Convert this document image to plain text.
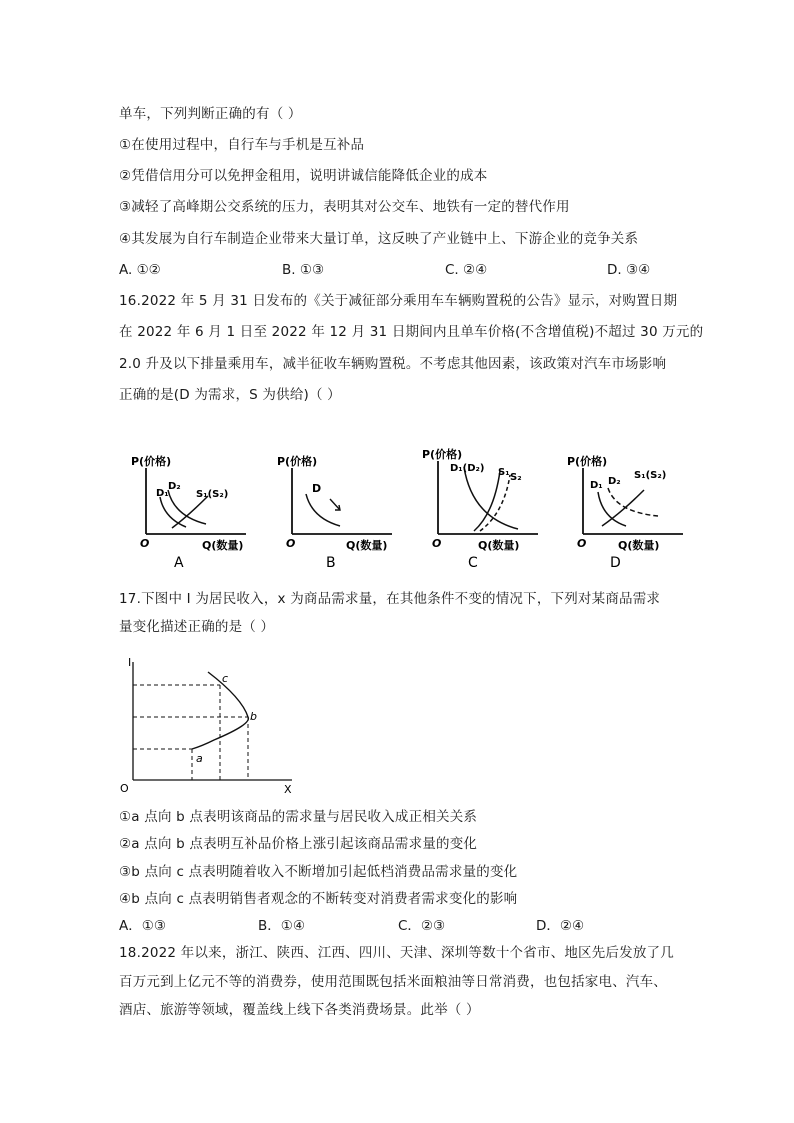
单车，下列判断正确的有（ ）
①在使用过程中，自行车与手机是互补品
②凭借信用分可以免押金租用，说明讲诚信能降低企业的成本
③减轻了高峰期公交系统的压力，表明其对公交车、地铁有一定的替代作用
④其发展为自行车制造企业带来大量订单，这反映了产业链中上、下游企业的竞争关系
A. ①②	B. ①③	C. ②④	D. ③④
16.2022 年 5 月 31 日发布的《关于减征部分乘用车车辆购置税的公告》显示，对购置日期
在 2022 年 6 月 1 日至 2022 年 12 月 31 日期间内且单车价格(不含增值税)不超过 30 万元的
2.0 升及以下排量乘用车，减半征收车辆购置税。不考虑其他因素，该政策对汽车市场影响
正确的是(D 为需求，S 为供给)（ ）
P(价格)
O	Q(数量)
D₁
D₂
S₁(S₂)
A
P(价格)
O	Q(数量)
D
B
P(价格)
O	Q(数量)
D₁(D₂) S₁ S₂
C
P(价格)
O	Q(数量)
D₁ D₂
S₁(S₂)
D
17.下图中 I 为居民收入，x 为商品需求量，在其他条件不变的情况下，下列对某商品需求
量变化描述正确的是（ ）
I
O	X
a
b
c
①a 点向 b 点表明该商品的需求量与居民收入成正相关关系
②a 点向 b 点表明互补品价格上涨引起该商品需求量的变化
③b 点向 c 点表明随着收入不断增加引起低档消费品需求量的变化
④b 点向 c 点表明销售者观念的不断转变对消费者需求变化的影响
A．①③	B．①④	C．②③	D．②④
18.2022 年以来，浙江、陕西、江西、四川、天津、深圳等数十个省市、地区先后发放了几
百万元到上亿元不等的消费券，使用范围既包括米面粮油等日常消费，也包括家电、汽车、
酒店、旅游等领域，覆盖线上线下各类消费场景。此举（ ）
